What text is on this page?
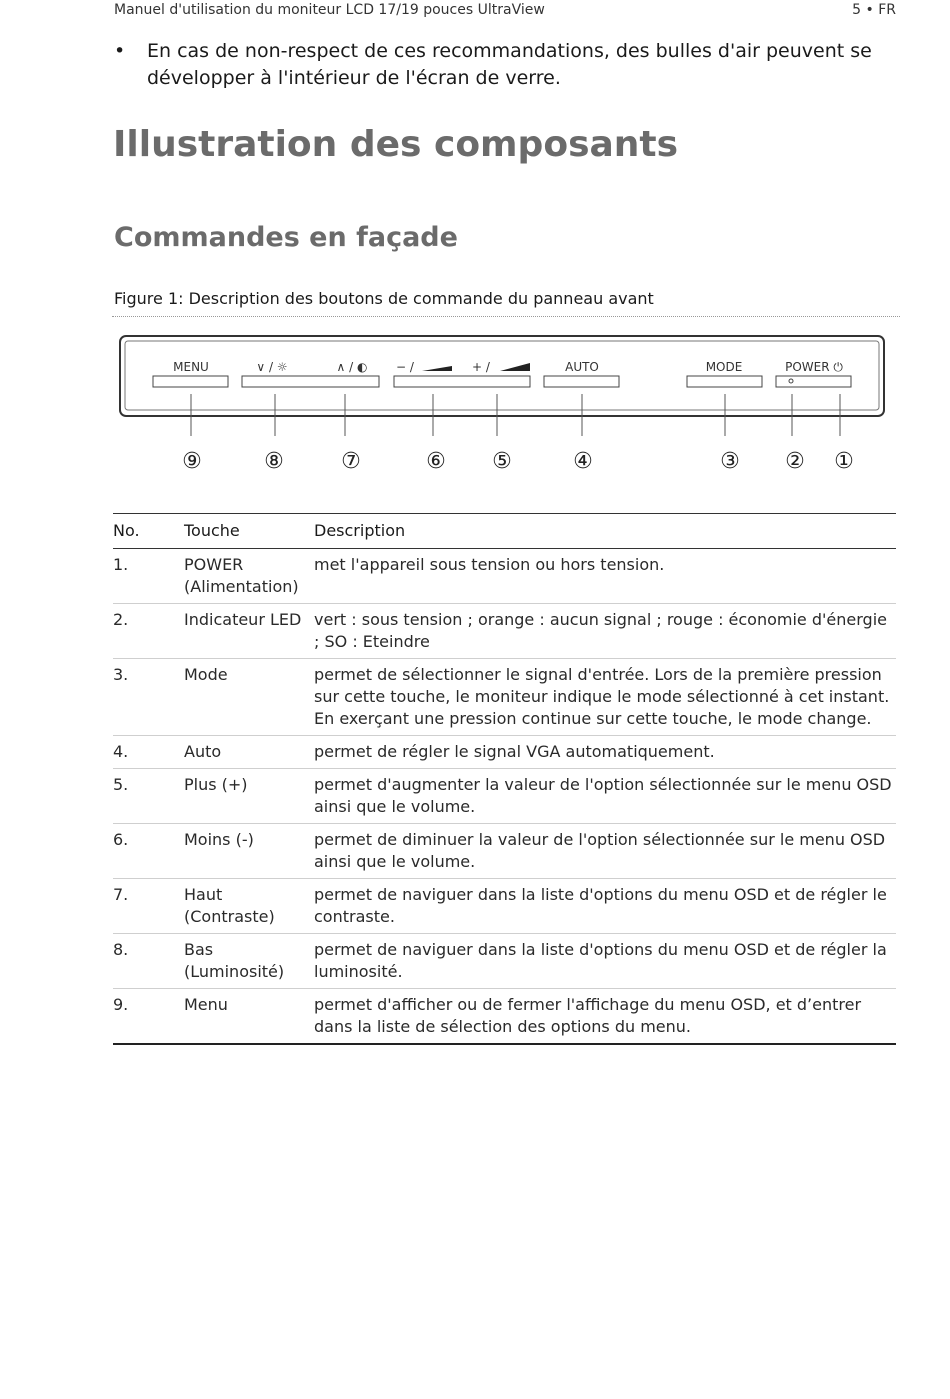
Manuel d'utilisation du moniteur LCD 17/19 pouces UltraView	5 • FR
• En cas de non-respect de ces recommandations, des bulles d'air peuvent se développer à l'intérieur de l'écran de verre.
Illustration des composants
Commandes en façade
Figure 1: Description des boutons de commande du panneau avant
MENU	∨ / ☼	∧ / ◐ − /	+ /	AUTO	MODE	POWER ⏻
⑨	⑧	⑦	⑥ ⑤	④	③ ② ①
No.	Touche	Description
1.	POWER (Alimentation)	met l'appareil sous tension ou hors tension.
2.	Indicateur LED	vert : sous tension ; orange : aucun signal ; rouge : économie d'énergie ; SO : Eteindre
3.	Mode	permet de sélectionner le signal d'entrée. Lors de la première pression sur cette touche, le moniteur indique le mode sélectionné à cet instant. En exerçant une pression continue sur cette touche, le mode change.
4.	Auto	permet de régler le signal VGA automatiquement.
5.	Plus (+)	permet d'augmenter la valeur de l'option sélectionnée sur le menu OSD ainsi que le volume.
6.	Moins (-)	permet de diminuer la valeur de l'option sélectionnée sur le menu OSD ainsi que le volume.
7.	Haut (Contraste)	permet de naviguer dans la liste d'options du menu OSD et de régler le contraste.
8.	Bas (Luminosité)	permet de naviguer dans la liste d'options du menu OSD et de régler la luminosité.
9.	Menu	permet d'afficher ou de fermer l'affichage du menu OSD, et d’entrer dans la liste de sélection des options du menu.
